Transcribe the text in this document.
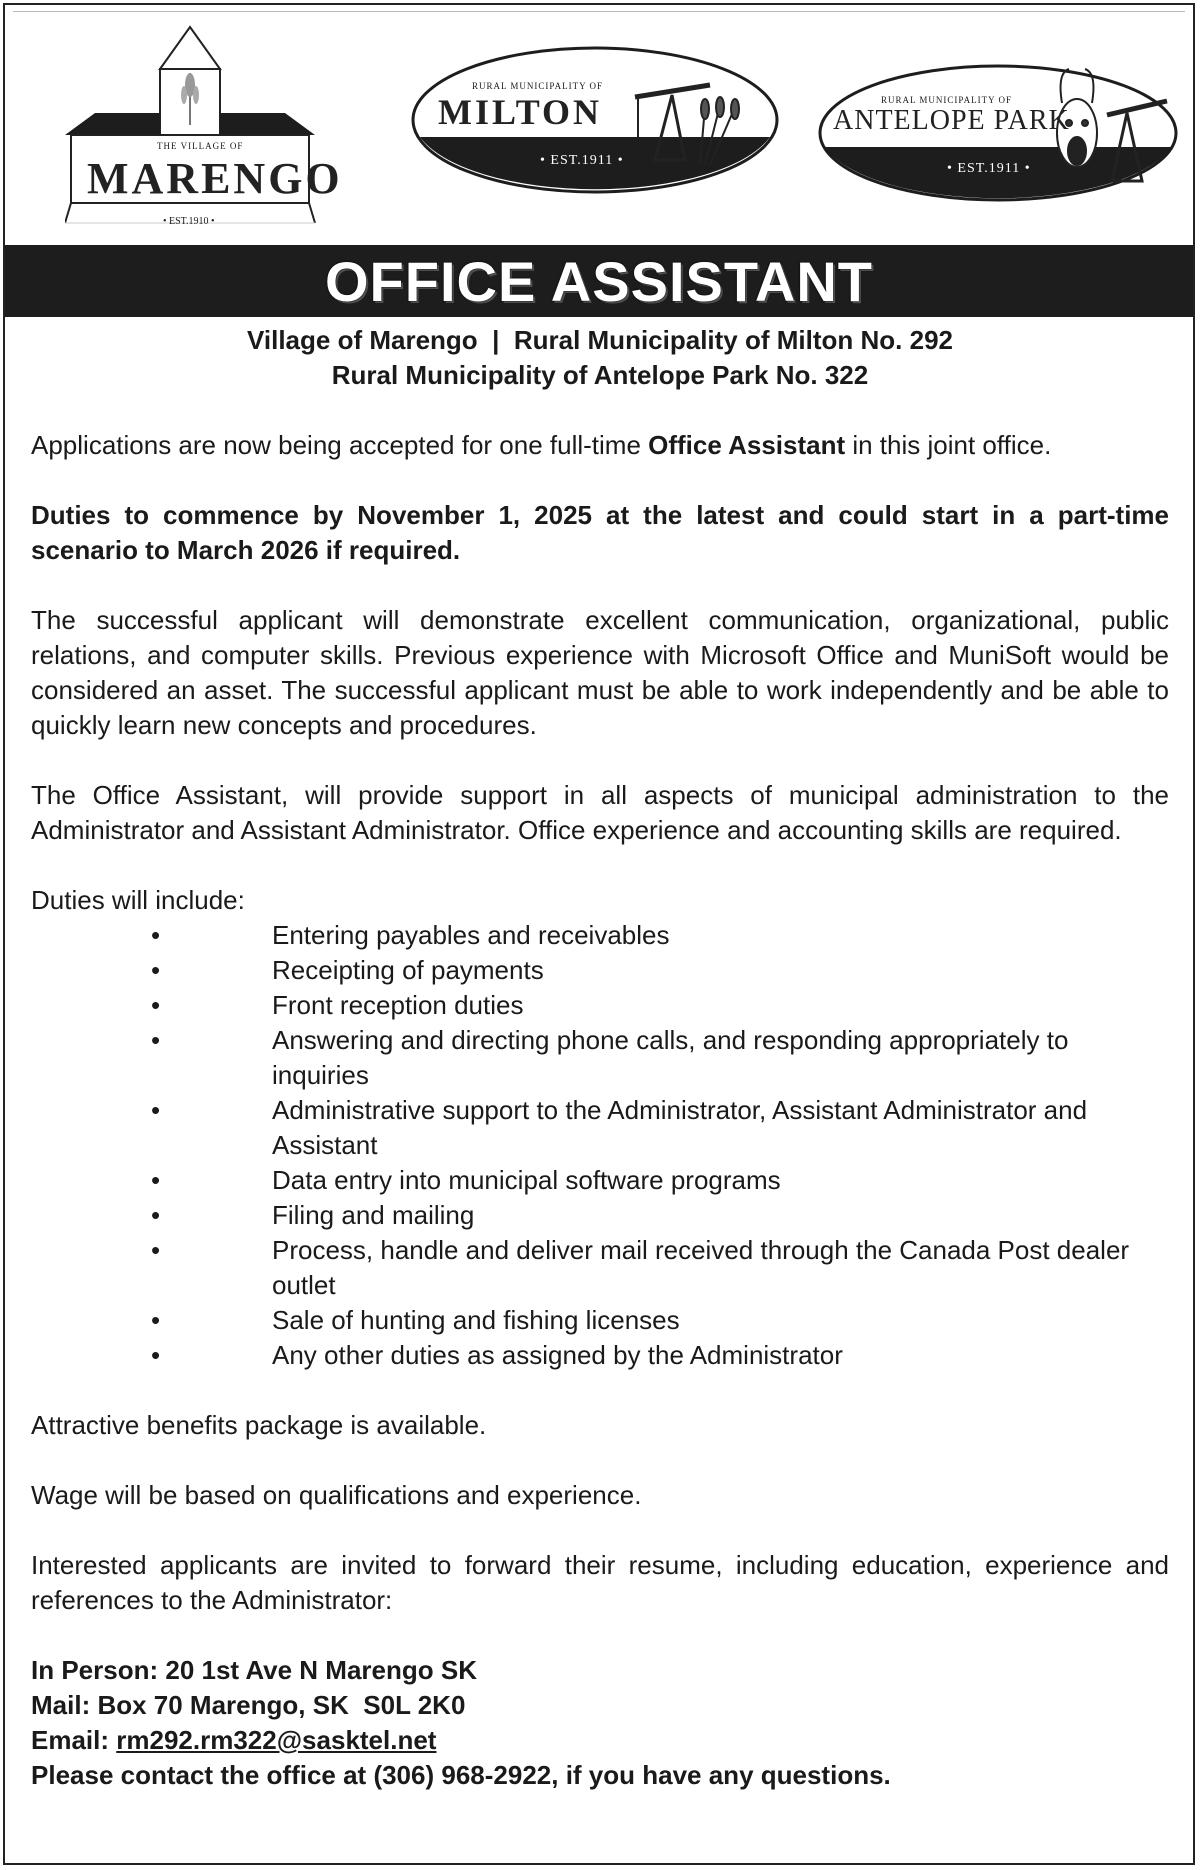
THE VILLAGE OF
MARENGO
• EST.1910 •
RURAL MUNICIPALITY OF
MILTON
No.292
• EST.1911 •
RURAL MUNICIPALITY OF
ANTELOPE PARK
No.322
• EST.1911 •
OFFICE ASSISTANT

Village of Marengo  |  Rural Municipality of Milton No. 292

Rural Municipality of Antelope Park No. 322

Applications are now being accepted for one full-time Office Assistant in this joint office.

Duties to commence by November 1, 2025 at the latest and could start in a part-time scenario to March 2026 if required.

The successful applicant will demonstrate excellent communication, organizational, public relations, and computer skills. Previous experience with Microsoft Office and MuniSoft would be considered an asset. The successful applicant must be able to work independently and be able to quickly learn new concepts and procedures.

The Office Assistant, will provide support in all aspects of municipal administration to the Administrator and Assistant Administrator. Office experience and accounting skills are required.

Duties will include:

•	Entering payables and receivables
•	Receipting of payments
•	Front reception duties
•	Answering and directing phone calls, and responding appropriately to inquiries
•	Administrative support to the Administrator, Assistant Administrator and Assistant
•	Data entry into municipal software programs
•	Filing and mailing
•	Process, handle and deliver mail received through the Canada Post dealer outlet
•	Sale of hunting and fishing licenses
•	Any other duties as assigned by the Administrator

Attractive benefits package is available.

Wage will be based on qualifications and experience.

Interested applicants are invited to forward their resume, including education, experience and references to the Administrator:

In Person: 20 1st Ave N Marengo SK

Mail: Box 70 Marengo, SK  S0L 2K0

Email: rm292.rm322@sasktel.net

Please contact the office at (306) 968-2922, if you have any questions.
